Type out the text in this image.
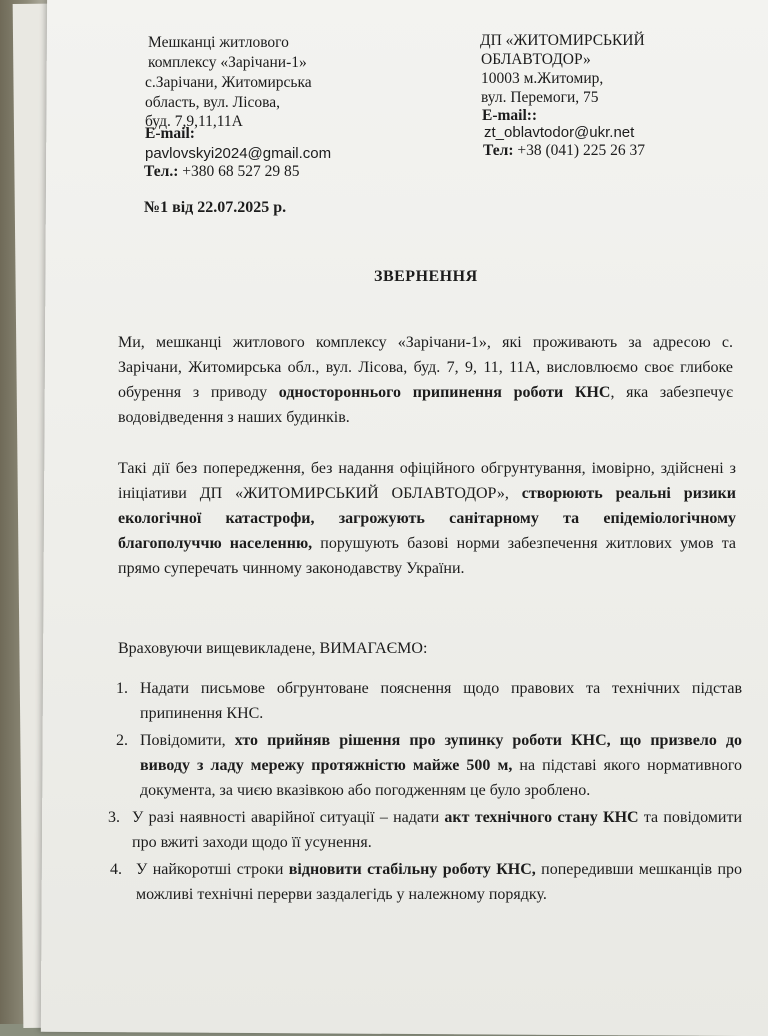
Мешканці житлового
комплексу «Зарічани-1»
с.Зарічани, Житомирська
область, вул. Лісова,
буд. 7,9,11,11А
E-mail:
pavlovskyi2024@gmail.com
Тел.: +380 68 527 29 85
ДП «ЖИТОМИРСЬКИЙ
ОБЛАВТОДОР»
10003 м.Житомир,
вул. Перемоги, 75
E-mail::
zt_oblavtodor@ukr.net
Тел: +38 (041) 225 26 37
№1 від 22.07.2025 р.
ЗВЕРНЕННЯ
Ми, мешканці житлового комплексу «Зарічани-1», які проживають за адресою с. Зарічани, Житомирська обл., вул. Лісова, буд. 7, 9, 11, 11А, висловлюємо своє глибоке обурення з приводу одностороннього припинення роботи КНС, яка забезпечує водовідведення з наших будинків.
Такі дії без попередження, без надання офіційного обгрунтування, імовірно, здійснені з ініціативи ДП «ЖИТОМИРСЬКИЙ ОБЛАВТОДОР», створюють реальні ризики екологічної катастрофи, загрожують санітарному та епідеміологічному благополуччю населенню, порушують базові норми забезпечення житлових умов та прямо суперечать чинному законодавству України.
Враховуючи вищевикладене, ВИМАГАЄМО:
1. Надати письмове обгрунтоване пояснення щодо правових та технічних підстав припинення КНС.
2. Повідомити, хто прийняв рішення про зупинку роботи КНС, що призвело до виводу з ладу мережу протяжністю майже 500 м, на підставі якого нормативного документа, за чиєю вказівкою або погодженням це було зроблено.
3. У разі наявності аварійної ситуації – надати акт технічного стану КНС та повідомити про вжиті заходи щодо її усунення.
4. У найкоротші строки відновити стабільну роботу КНС, попередивши мешканців про можливі технічні перерви заздалегідь у належному порядку.
